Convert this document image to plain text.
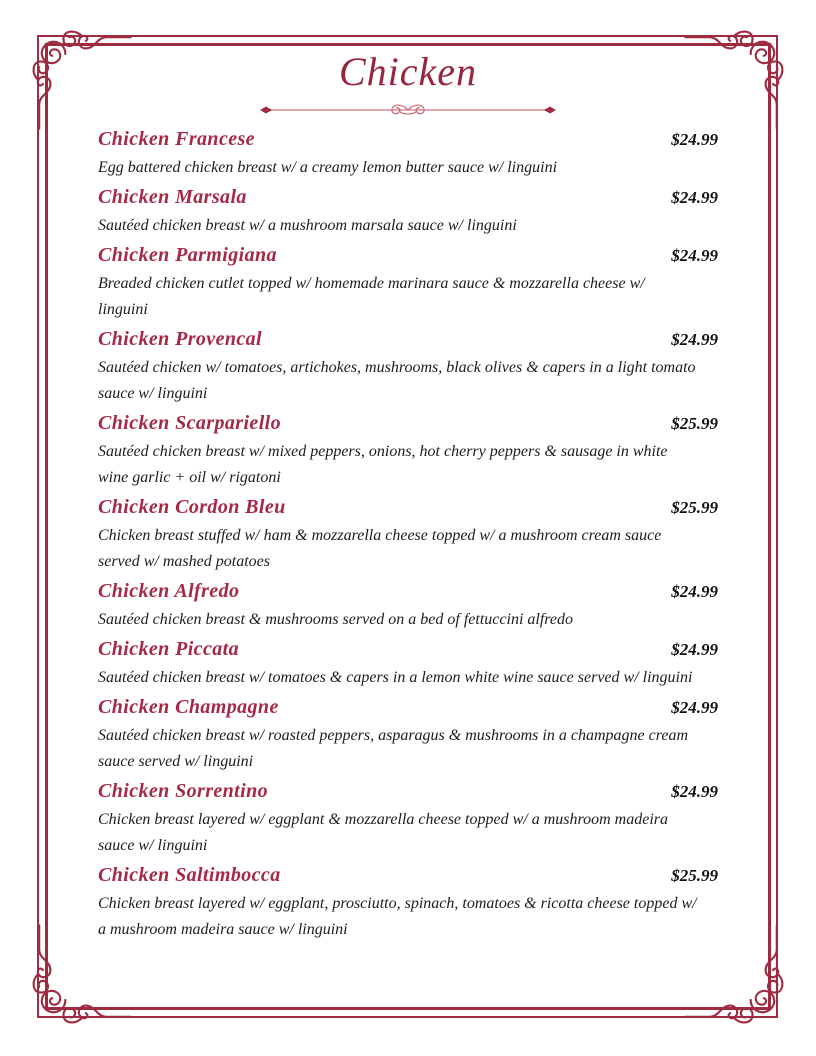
Chicken
Chicken Francese	$24.99
Egg battered chicken breast w/ a creamy lemon butter sauce w/ linguini
Chicken Marsala	$24.99
Sautéed chicken breast w/ a mushroom marsala sauce w/ linguini
Chicken Parmigiana	$24.99
Breaded chicken cutlet topped w/ homemade marinara sauce & mozzarella cheese w/ linguini
Chicken Provencal	$24.99
Sautéed chicken w/ tomatoes, artichokes, mushrooms, black olives & capers in a light tomato sauce w/ linguini
Chicken Scarpariello	$25.99
Sautéed chicken breast w/ mixed peppers, onions, hot cherry peppers & sausage in white wine garlic + oil w/ rigatoni
Chicken Cordon Bleu	$25.99
Chicken breast stuffed w/ ham & mozzarella cheese topped w/ a mushroom cream sauce served w/ mashed potatoes
Chicken Alfredo	$24.99
Sautéed chicken breast & mushrooms served on a bed of fettuccini alfredo
Chicken Piccata	$24.99
Sautéed chicken breast w/ tomatoes & capers in a lemon white wine sauce served w/ linguini
Chicken Champagne	$24.99
Sautéed chicken breast w/ roasted peppers, asparagus & mushrooms in a champagne cream sauce served w/ linguini
Chicken Sorrentino	$24.99
Chicken breast layered w/ eggplant & mozzarella cheese topped w/ a mushroom madeira sauce w/ linguini
Chicken Saltimbocca	$25.99
Chicken breast layered w/ eggplant, prosciutto, spinach, tomatoes & ricotta cheese topped w/ a mushroom madeira sauce w/ linguini
